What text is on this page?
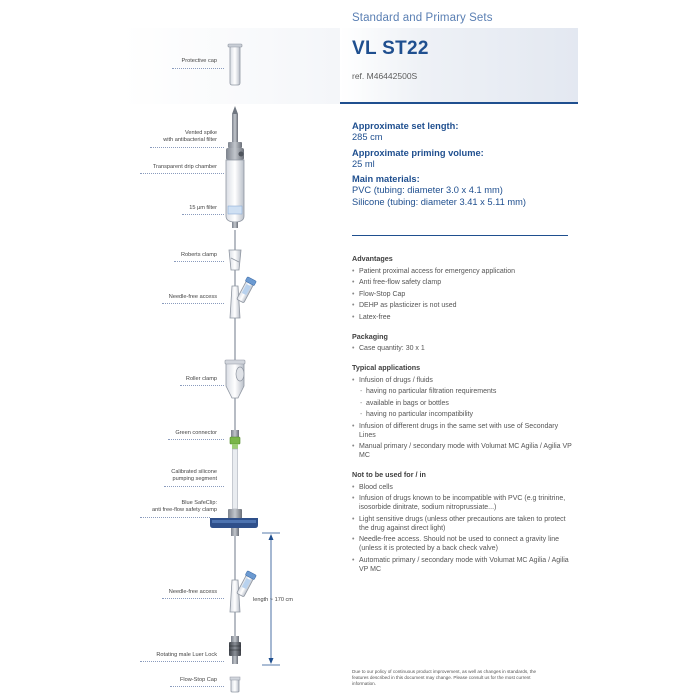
Standard and Primary Sets
VL ST22
ref. M46442500S
Approximate set length:
285 cm
Approximate priming volume:
25 ml
Main materials:
PVC (tubing: diameter 3.0 x 4.1 mm)
Silicone (tubing: diameter 3.41 x 5.11 mm)
Advantages
• Patient proximal access for emergency application
• Anti free-flow safety clamp
• Flow-Stop Cap
• DEHP as plasticizer is not used
• Latex-free
Packaging
• Case quantity: 30 x 1
Typical applications
• Infusion of drugs / fluids
- having no particular filtration requirements
- available in bags or bottles
- having no particular incompatibility
• Infusion of different drugs in the same set with use of Secondary Lines
• Manual primary / secondary mode with Volumat MC Agilia / Agilia VP MC
Not to be used for / in
• Blood cells
• Infusion of drugs known to be incompatible with PVC (e.g trinitrine, isosorbide dinitrate, sodium nitroprussiate...)
• Light sensitive drugs (unless other precautions are taken to protect the drug against direct light)
• Needle-free access. Should not be used to connect a gravity line (unless it is protected by a back check valve)
• Automatic primary / secondary mode with Volumat MC Agilia / Agilia VP MC
Due to our policy of continuous product improvement, as well as changes in standards, the features described in this document may change. Please consult us for the most current information.
Protective cap
Vented spike
with antibacterial filter
Transparent drip chamber
15 µm filter
Roberts clamp
Needle-free access
Roller clamp
Green connector
Calibrated silicone
pumping segment
Blue SafeClip:
anti free-flow safety clamp
Needle-free access
Rotating male Luer Lock
Flow-Stop Cap
length ~ 170 cm
